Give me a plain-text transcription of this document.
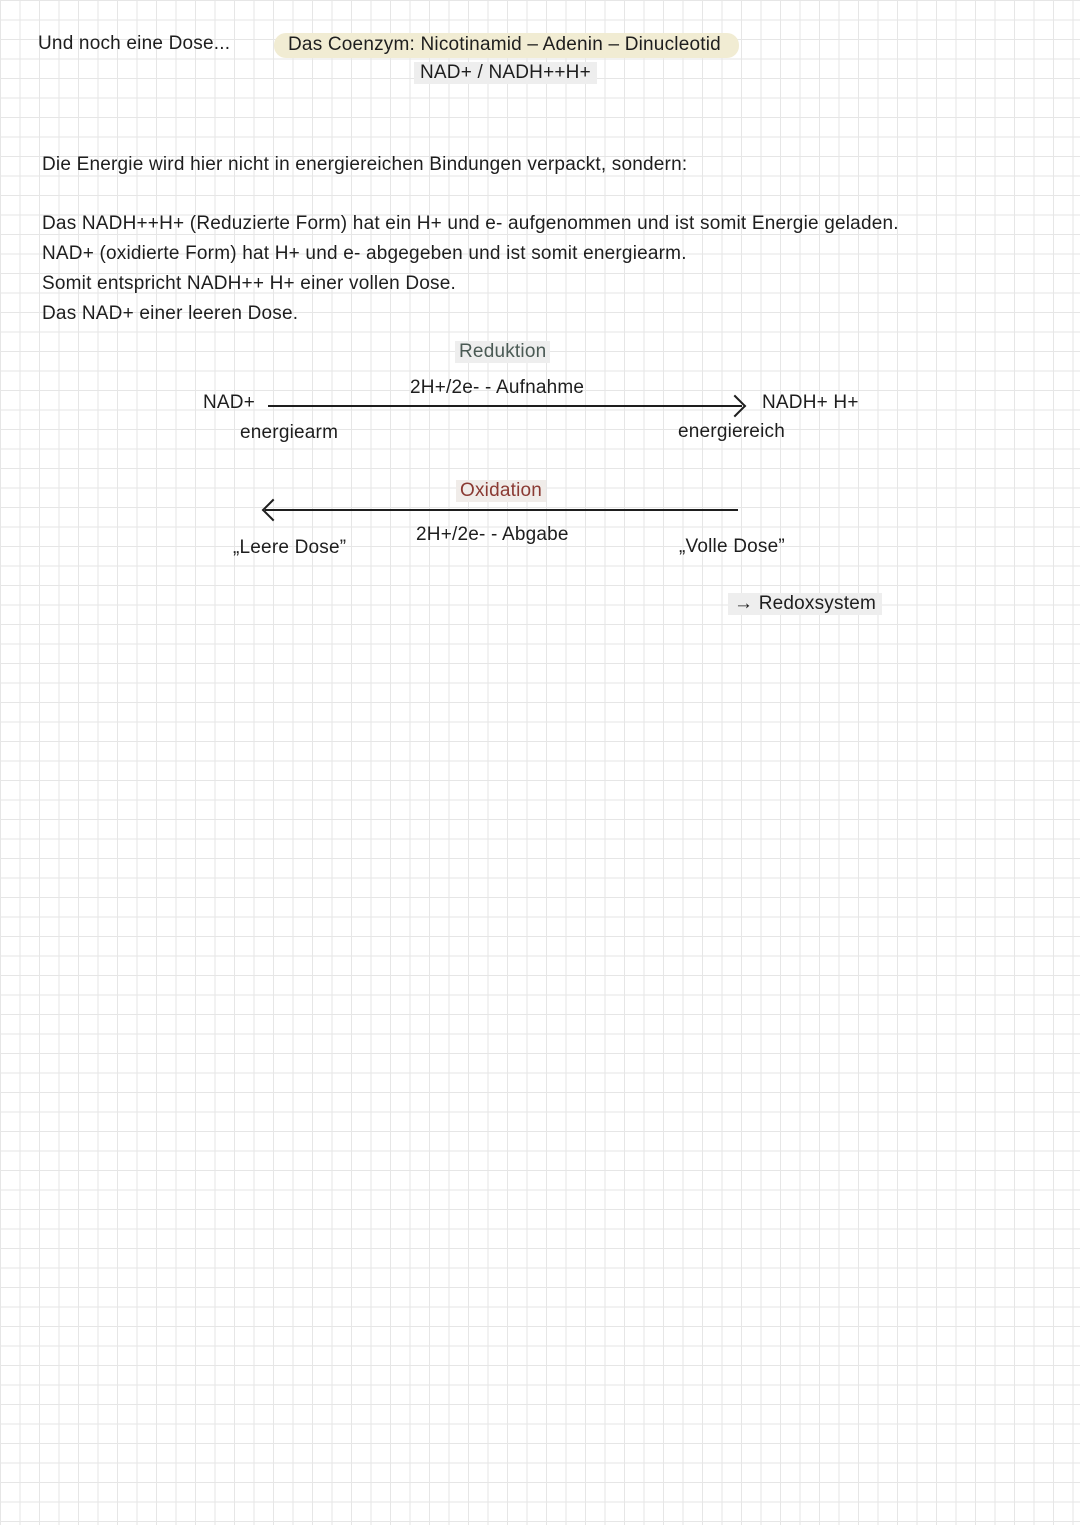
Und noch eine Dose...	Das Coenzym: Nicotinamid – Adenin – Dinucleotid
NAD+ / NADH++H+
Die Energie wird hier nicht in energiereichen Bindungen verpackt, sondern:
Das NADH++H+ (Reduzierte Form) hat ein H+ und e- aufgenommen und ist somit Energie geladen.
NAD+ (oxidierte Form) hat H+ und e- abgegeben und ist somit energiearm.
Somit entspricht NADH++ H+ einer vollen Dose.
Das NAD+ einer leeren Dose.
Reduktion
2H+/2e- - Aufnahme
NAD+	NADH+ H+
energiearm	energiereich
Oxidation
2H+/2e- - Abgabe
„Leere Dose”	„Volle Dose”
→ Redoxsystem
